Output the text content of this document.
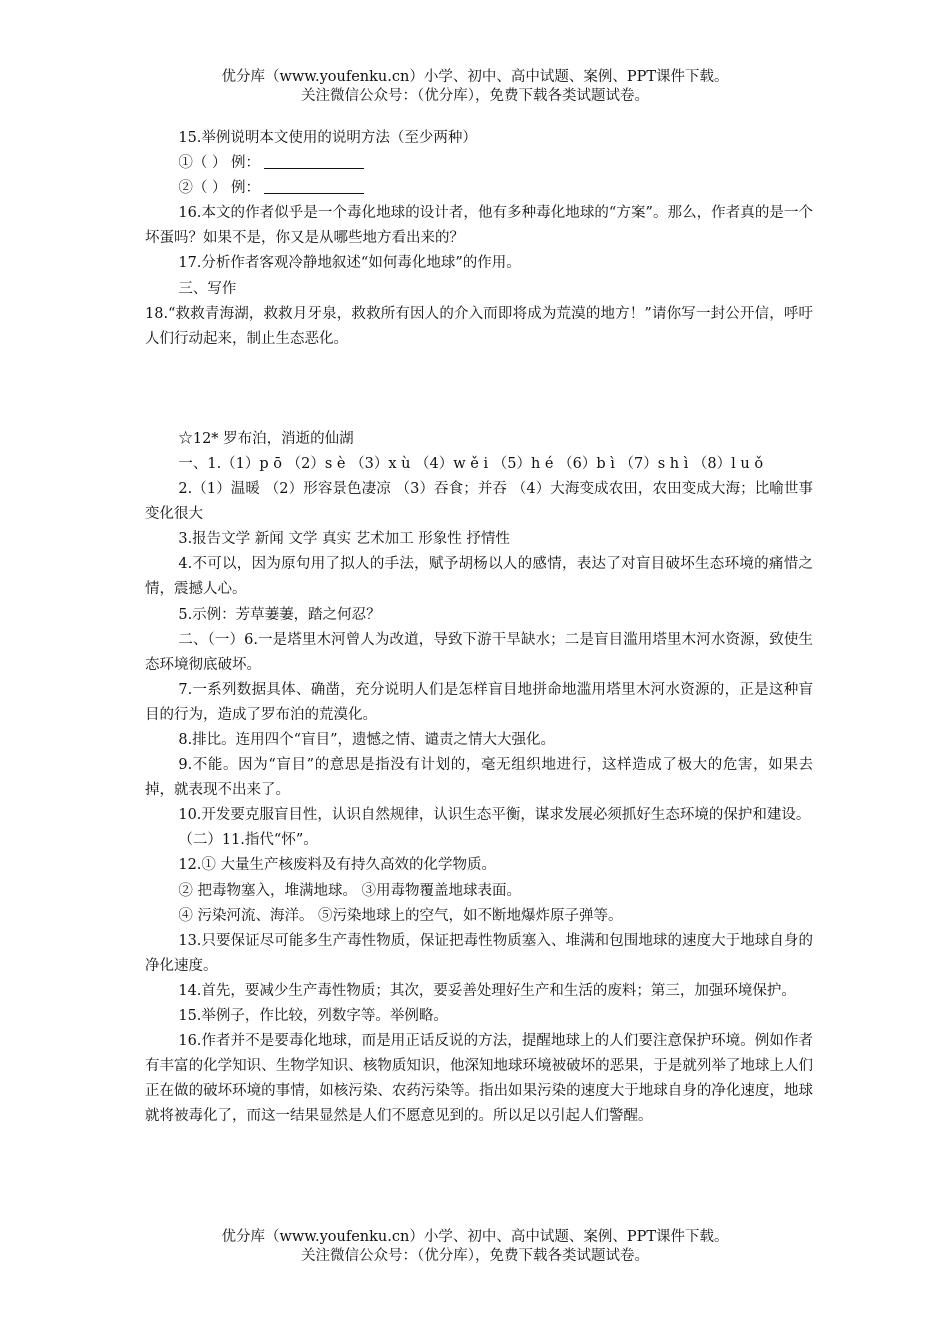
优分库（www.youfenku.cn）小学、初中、高中试题、案例、PPT课件下载。
关注微信公众号：（优分库），免费下载各类试题试卷。

15.举例说明本文使用的说明方法（至少两种）

①（ ） 例：

②（ ） 例：

16.本文的作者似乎是一个毒化地球的设计者，他有多种毒化地球的“方案”。那么，作者真的是一个坏蛋吗？如果不是，你又是从哪些地方看出来的？

17.分析作者客观冷静地叙述“如何毒化地球”的作用。

三、写作

18.“救救青海湖，救救月牙泉，救救所有因人的介入而即将成为荒漠的地方！”请你写一封公开信，呼吁人们行动起来，制止生态恶化。

☆12* 罗布泊，消逝的仙湖

一、1.（1）p ō （2）s è （3）x ù （4）w ě i （5）h é （6）b ì （7）s h ì （8）l u ǒ

2.（1）温暖 （2）形容景色凄凉 （3）吞食；并吞 （4）大海变成农田，农田变成大海；比喻世事变化很大

3.报告文学 新闻 文学 真实 艺术加工 形象性 抒情性

4.不可以，因为原句用了拟人的手法，赋予胡杨以人的感情，表达了对盲目破坏生态环境的痛惜之情，震撼人心。

5.示例：芳草萋萋，踏之何忍？

二、（一）6.一是塔里木河曾人为改道，导致下游干旱缺水；二是盲目滥用塔里木河水资源，致使生态环境彻底破坏。

7.一系列数据具体、确凿，充分说明人们是怎样盲目地拼命地滥用塔里木河水资源的，正是这种盲目的行为，造成了罗布泊的荒漠化。

8.排比。连用四个“盲目”，遗憾之情、谴责之情大大强化。

9.不能。因为“盲目”的意思是指没有计划的，毫无组织地进行，这样造成了极大的危害，如果去掉，就表现不出来了。

10.开发要克服盲目性，认识自然规律，认识生态平衡，谋求发展必须抓好生态环境的保护和建设。

（二）11.指代“怀”。

12.① 大量生产核废料及有持久高效的化学物质。

② 把毒物塞入，堆满地球。 ③用毒物覆盖地球表面。

④ 污染河流、海洋。 ⑤污染地球上的空气，如不断地爆炸原子弹等。

13.只要保证尽可能多生产毒性物质，保证把毒性物质塞入、堆满和包围地球的速度大于地球自身的净化速度。

14.首先，要减少生产毒性物质；其次，要妥善处理好生产和生活的废料；第三，加强环境保护。

15.举例子，作比较，列数字等。举例略。

16.作者并不是要毒化地球，而是用正话反说的方法，提醒地球上的人们要注意保护环境。例如作者有丰富的化学知识、生物学知识、核物质知识，他深知地球环境被破坏的恶果，于是就列举了地球上人们正在做的破坏环境的事情，如核污染、农药污染等。指出如果污染的速度大于地球自身的净化速度，地球就将被毒化了，而这一结果显然是人们不愿意见到的。所以足以引起人们警醒。

优分库（www.youfenku.cn）小学、初中、高中试题、案例、PPT课件下载。
关注微信公众号：（优分库），免费下载各类试题试卷。
